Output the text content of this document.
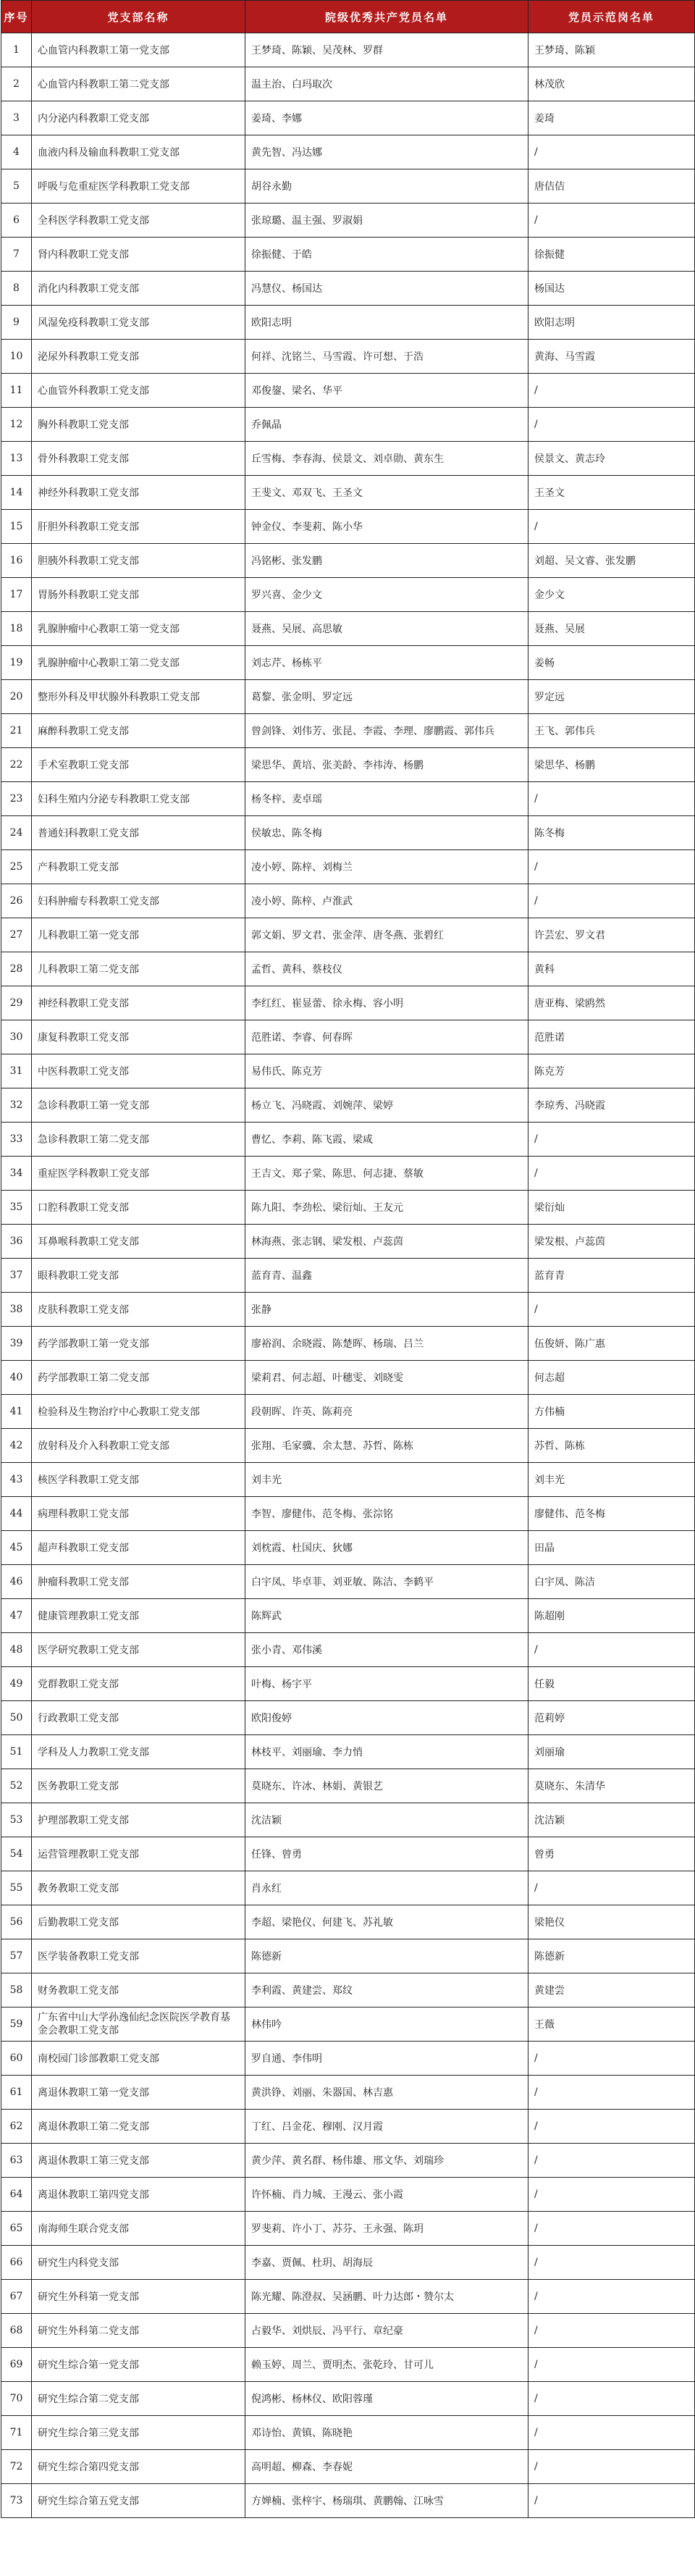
序号	党支部名称	院级优秀共产党员名单	党员示范岗名单
1	心血管内科教职工第一党支部	王梦琦、陈颖、吴茂林、罗群	王梦琦、陈颖
2	心血管内科教职工第二党支部	温主治、白玛取次	林茂欣
3	内分泌内科教职工党支部	姜琦、李娜	姜琦
4	血液内科及输血科教职工党支部	黄先智、冯达娜	/
5	呼吸与危重症医学科教职工党支部	胡谷永勤	唐佶佶
6	全科医学科教职工党支部	张琼璐、温主强、罗淑娟	/
7	肾内科教职工党支部	徐振健、于皓	徐振健
8	消化内科教职工党支部	冯慧仪、杨国达	杨国达
9	风湿免疫科教职工党支部	欧阳志明	欧阳志明
10	泌尿外科教职工党支部	何祥、沈铭兰、马雪霞、许可想、于浩	黄海、马雪霞
11	心血管外科教职工党支部	邓俊鋆、梁名、华平	/
12	胸外科教职工党支部	乔佩晶	/
13	骨外科教职工党支部	丘雪梅、李春海、侯景文、刘卓勋、黄东生	侯景文、黄志玲
14	神经外科教职工党支部	王斐文、邓双飞、王圣文	王圣文
15	肝胆外科教职工党支部	钟金仪、李斐莉、陈小华	/
16	胆胰外科教职工党支部	冯铭彬、张发鹏	刘超、吴文睿、张发鹏
17	胃肠外科教职工党支部	罗兴喜、金少文	金少文
18	乳腺肿瘤中心教职工第一党支部	聂燕、吴展、高思敏	聂燕、吴展
19	乳腺肿瘤中心教职工第二党支部	刘志芹、杨栋平	姜畅
20	整形外科及甲状腺外科教职工党支部	葛黎、张金明、罗定远	罗定远
21	麻醉科教职工党支部	曾剑锋、刘伟芳、张昆、李霞、李理、廖鹏霞、郭伟兵	王飞、郭伟兵
22	手术室教职工党支部	梁思华、黄培、张美龄、李祎涛、杨鹏	梁思华、杨鹏
23	妇科生殖内分泌专科教职工党支部	杨冬梓、麦卓瑶	/
24	普通妇科教职工党支部	侯敏忠、陈冬梅	陈冬梅
25	产科教职工党支部	凌小婷、陈梓、刘梅兰	/
26	妇科肿瘤专科教职工党支部	凌小婷、陈梓、卢淮武	/
27	儿科教职工第一党支部	郭文娟、罗文君、张金萍、唐冬燕、张碧红	许芸宏、罗文君
28	儿科教职工第二党支部	孟哲、黄科、蔡枝仪	黄科
29	神经科教职工党支部	李红红、崔显蕾、徐永梅、容小明	唐亚梅、梁鸥然
30	康复科教职工党支部	范胜诺、李睿、何春晖	范胜诺
31	中医科教职工党支部	易伟氏、陈克芳	陈克芳
32	急诊科教职工第一党支部	杨立飞、冯晓霞、刘婉萍、梁婷	李琼秀、冯晓霞
33	急诊科教职工第二党支部	曹忆、李莉、陈飞霞、梁咸	/
34	重症医学科教职工党支部	王吉文、郑子棠、陈思、何志捷、蔡敏	/
35	口腔科教职工党支部	陈九阳、李劲松、梁衍灿、王友元	梁衍灿
36	耳鼻喉科教职工党支部	林海燕、张志钢、梁发根、卢蕊茵	梁发根、卢蕊茵
37	眼科教职工党支部	蓝育青、温鑫	蓝育青
38	皮肤科教职工党支部	张静	/
39	药学部教职工第一党支部	廖裕润、余晓霞、陈楚晖、杨瑞、吕兰	伍俊妍、陈广惠
40	药学部教职工第二党支部	梁莉君、何志超、叶穗雯、刘晓雯	何志超
41	检验科及生物治疗中心教职工党支部	段朝晖、许英、陈莉亮	方伟楠
42	放射科及介入科教职工党支部	张翔、毛家骥、余太慧、苏哲、陈栋	苏哲、陈栋
43	核医学科教职工党支部	刘丰光	刘丰光
44	病理科教职工党支部	李智、廖健伟、范冬梅、张淙铭	廖健伟、范冬梅
45	超声科教职工党支部	刘枕霞、杜国庆、狄娜	田晶
46	肿瘤科教职工党支部	白宇凤、毕卓菲、刘亚敏、陈洁、李鹤平	白宇凤、陈洁
47	健康管理教职工党支部	陈辉武	陈超刚
48	医学研究教职工党支部	张小青、邓伟溪	/
49	党群教职工党支部	叶梅、杨宇平	任毅
50	行政教职工党支部	欧阳俊婷	范莉婷
51	学科及人力教职工党支部	林枝平、刘丽瑜、李力悄	刘丽瑜
52	医务教职工党支部	莫晓东、许冰、林娟、黄银艺	莫晓东、朱清华
53	护理部教职工党支部	沈洁颖	沈洁颖
54	运营管理教职工党支部	任锋、曾勇	曾勇
55	教务教职工党支部	肖永红	/
56	后勤教职工党支部	李超、梁艳仪、何建飞、苏礼敏	梁艳仪
57	医学装备教职工党支部	陈德新	陈德新
58	财务教职工党支部	李利霞、黄建尝、郑纹	黄建尝
59	广东省中山大学孙逸仙纪念医院医学教育基金会教职工党支部	林伟吟	王薇
60	南校园门诊部教职工党支部	罗自通、李伟明	/
61	离退休教职工第一党支部	黄洪铮、刘丽、朱器国、林吉惠	/
62	离退休教职工第二党支部	丁红、吕金花、穆刚、汉月霞	/
63	离退休教职工第三党支部	黄少萍、黄名群、杨伟雄、邢文华、刘瑞珍	/
64	离退休教职工第四党支部	许怀楠、肖力城、王漫云、张小霞	/
65	南海师生联合党支部	罗斐莉、许小丁、苏芬、王永强、陈玥	/
66	研究生内科党支部	李嘉、贾佩、杜玥、胡海辰	/
67	研究生外科第一党支部	陈光耀、陈澄叔、吴涵鹏、叶力达郎・赞尔太	/
68	研究生外科第二党支部	占毅华、刘烘辰、冯平行、章纪豪	/
69	研究生综合第一党支部	赖玉婷、周兰、贾明杰、张乾玲、甘可儿	/
70	研究生综合第二党支部	倪鸿彬、杨林仪、欧阳蓉瑾	/
71	研究生综合第三党支部	邓诗怡、黄镇、陈晓艳	/
72	研究生综合第四党支部	高明超、柳森、李春妮	/
73	研究生综合第五党支部	方婵楠、张梓宇、杨瑞琪、黄鹏翰、江咏雪	/
